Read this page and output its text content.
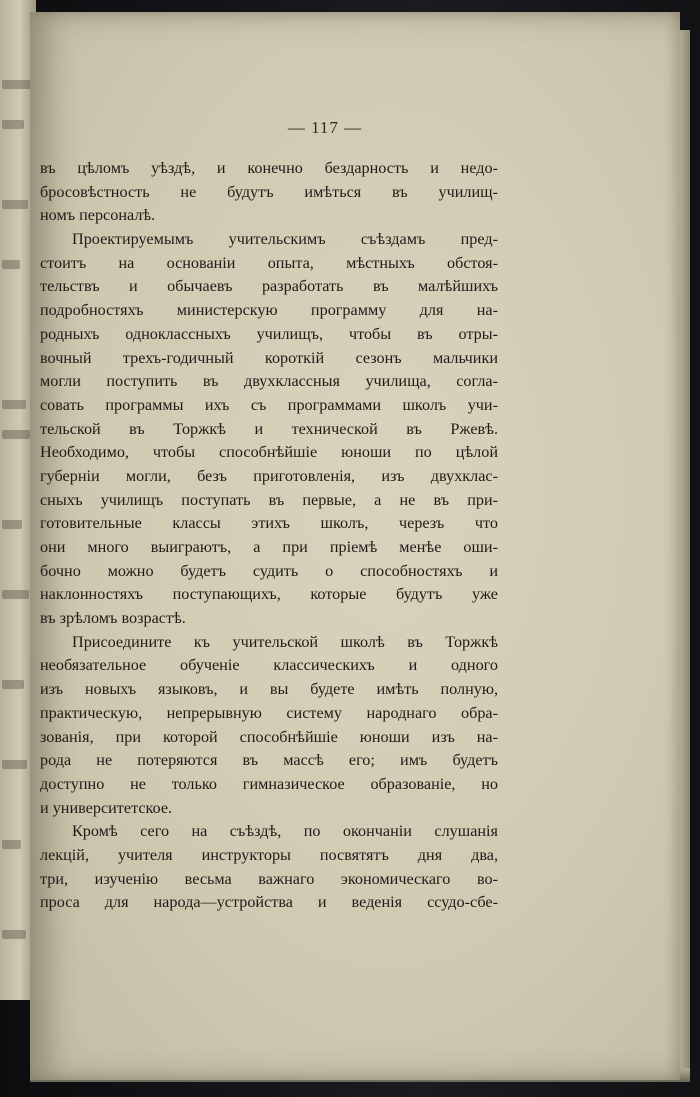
— 117 —
въ цѣломъ уѣздѣ, и конечно бездарность и недо-
бросовѣстность не будутъ имѣться въ училищ-
номъ персоналѣ.
Проектируемымъ учительскимъ съѣздамъ пред-
стоитъ на основаніи опыта, мѣстныхъ обстоя-
тельствъ и обычаевъ разработать въ малѣйшихъ
подробностяхъ министерскую программу для на-
родныхъ одноклассныхъ училищъ, чтобы въ отры-
вочный трехъ-годичный короткій сезонъ мальчики
могли поступить въ двухклассныя училища, согла-
совать программы ихъ съ программами школъ учи-
тельской въ Торжкѣ и технической въ Ржевѣ.
Необходимо, чтобы способнѣйшіе юноши по цѣлой
губерніи могли, безъ приготовленія, изъ двухклас-
сныхъ училищъ поступать въ первые, а не въ при-
готовительные классы этихъ школъ, черезъ что
они много выиграютъ, а при пріемѣ менѣе оши-
бочно можно будетъ судить о способностяхъ и
наклонностяхъ поступающихъ, которые будутъ уже
въ зрѣломъ возрастѣ.
Присоедините къ учительской школѣ въ Торжкѣ
необязательное обученіе классическихъ и одного
изъ новыхъ языковъ, и вы будете имѣть полную,
практическую, непрерывную систему народнаго обра-
зованія, при которой способнѣйшіе юноши изъ на-
рода не потеряются въ массѣ его; имъ будетъ
доступно не только гимназическое образованіе, но
и университетское.
Кромѣ сего на съѣздѣ, по окончаніи слушанія
лекцій, учителя инструкторы посвятятъ дня два,
три, изученію весьма важнаго экономическаго во-
проса для народа—устройства и веденія ссудо-сбе-
